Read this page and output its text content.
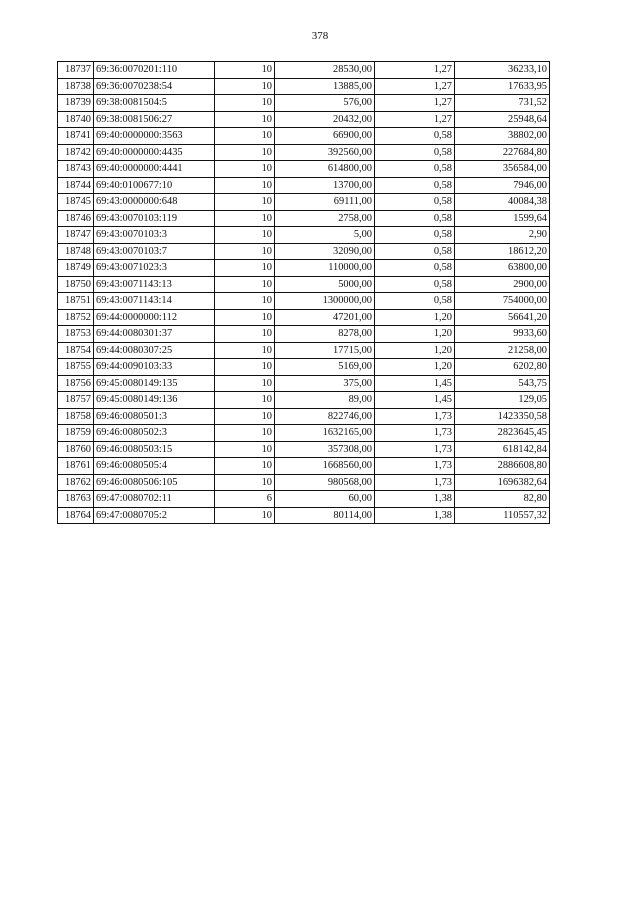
378
18737	69:36:0070201:110	10	28530,00	1,27	36233,10
18738	69:36:0070238:54	10	13885,00	1,27	17633,95
18739	69:38:0081504:5	10	576,00	1,27	731,52
18740	69:38:0081506:27	10	20432,00	1,27	25948,64
18741	69:40:0000000:3563	10	66900,00	0,58	38802,00
18742	69:40:0000000:4435	10	392560,00	0,58	227684,80
18743	69:40:0000000:4441	10	614800,00	0,58	356584,00
18744	69:40:0100677:10	10	13700,00	0,58	7946,00
18745	69:43:0000000:648	10	69111,00	0,58	40084,38
18746	69:43:0070103:119	10	2758,00	0,58	1599,64
18747	69:43:0070103:3	10	5,00	0,58	2,90
18748	69:43:0070103:7	10	32090,00	0,58	18612,20
18749	69:43:0071023:3	10	110000,00	0,58	63800,00
18750	69:43:0071143:13	10	5000,00	0,58	2900,00
18751	69:43:0071143:14	10	1300000,00	0,58	754000,00
18752	69:44:0000000:112	10	47201,00	1,20	56641,20
18753	69:44:0080301:37	10	8278,00	1,20	9933,60
18754	69:44:0080307:25	10	17715,00	1,20	21258,00
18755	69:44:0090103:33	10	5169,00	1,20	6202,80
18756	69:45:0080149:135	10	375,00	1,45	543,75
18757	69:45:0080149:136	10	89,00	1,45	129,05
18758	69:46:0080501:3	10	822746,00	1,73	1423350,58
18759	69:46:0080502:3	10	1632165,00	1,73	2823645,45
18760	69:46:0080503:15	10	357308,00	1,73	618142,84
18761	69:46:0080505:4	10	1668560,00	1,73	2886608,80
18762	69:46:0080506:105	10	980568,00	1,73	1696382,64
18763	69:47:0080702:11	6	60,00	1,38	82,80
18764	69:47:0080705:2	10	80114,00	1,38	110557,32
